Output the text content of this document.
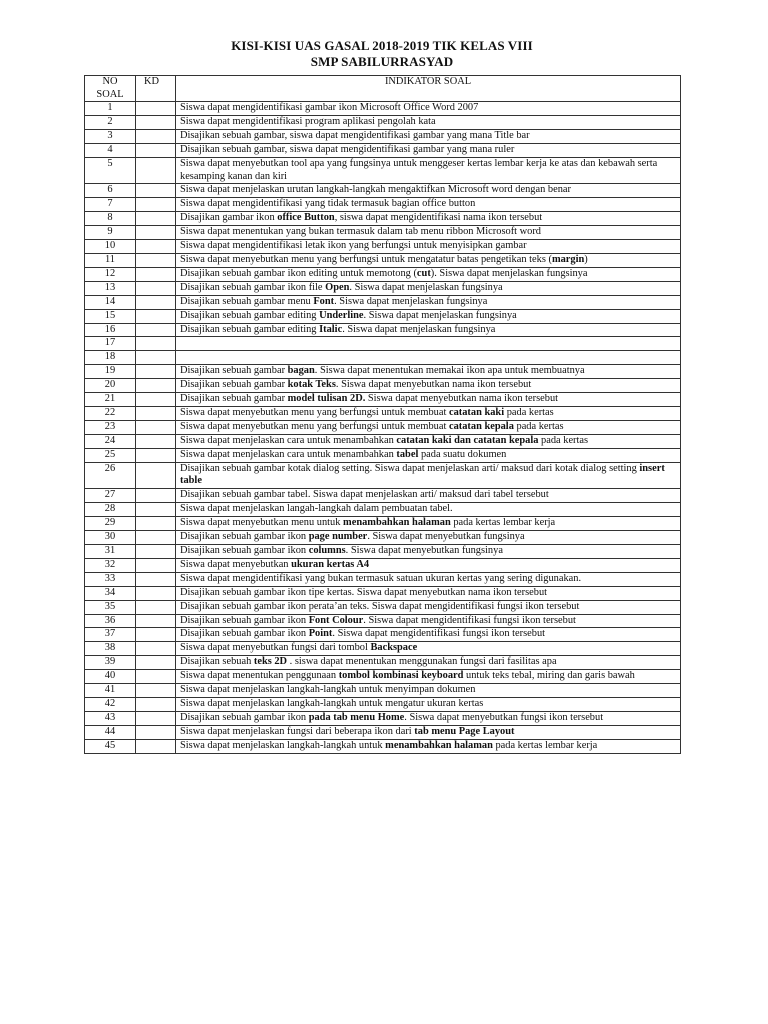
KISI-KISI UAS GASAL 2018-2019 TIK KELAS VIII
SMP SABILURRASYAD
NO
SOAL	KD	INDIKATOR SOAL
1		Siswa dapat mengidentifikasi gambar ikon Microsoft Office Word 2007
2		Siswa dapat mengidentifikasi program aplikasi pengolah kata
3		Disajikan sebuah gambar, siswa dapat mengidentifikasi gambar yang mana Title bar
4		Disajikan sebuah gambar, siswa dapat mengidentifikasi gambar yang mana ruler
5		Siswa dapat menyebutkan tool apa yang fungsinya untuk menggeser kertas lembar kerja ke atas dan kebawah serta kesamping kanan dan kiri
6		Siswa dapat menjelaskan urutan langkah-langkah mengaktifkan Microsoft word dengan benar
7		Siswa dapat mengidentifikasi yang tidak termasuk bagian office button
8		Disajikan gambar ikon office Button, siswa dapat mengidentifikasi nama ikon tersebut
9		Siswa dapat menentukan yang bukan termasuk dalam tab menu ribbon Microsoft word
10		Siswa dapat mengidentifikasi letak ikon yang berfungsi untuk menyisipkan gambar
11		Siswa dapat menyebutkan menu yang berfungsi untuk mengatatur batas pengetikan teks (margin)
12		Disajikan sebuah gambar ikon editing untuk memotong (cut). Siswa dapat menjelaskan fungsinya
13		Disajikan sebuah gambar ikon file Open. Siswa dapat menjelaskan fungsinya
14		Disajikan sebuah gambar menu Font. Siswa dapat menjelaskan fungsinya
15		Disajikan sebuah gambar editing Underline. Siswa dapat menjelaskan fungsinya
16		Disajikan sebuah gambar editing Italic. Siswa dapat menjelaskan fungsinya
17		
18		
19		Disajikan sebuah gambar bagan. Siswa dapat menentukan memakai ikon apa untuk membuatnya
20		Disajikan sebuah gambar kotak Teks. Siswa dapat menyebutkan nama ikon tersebut
21		Disajikan sebuah gambar model tulisan 2D. Siswa dapat menyebutkan nama ikon tersebut
22		Siswa dapat menyebutkan menu yang berfungsi untuk membuat catatan kaki pada kertas
23		Siswa dapat menyebutkan menu yang berfungsi untuk membuat catatan kepala pada kertas
24		Siswa dapat menjelaskan cara untuk menambahkan catatan kaki dan catatan kepala pada kertas
25		Siswa dapat menjelaskan cara untuk menambahkan tabel pada suatu dokumen
26		Disajikan sebuah gambar kotak dialog setting. Siswa dapat menjelaskan arti/ maksud dari kotak dialog setting insert table
27		Disajikan sebuah gambar tabel. Siswa dapat menjelaskan arti/ maksud dari tabel tersebut
28		Siswa dapat menjelaskan langah-langkah dalam pembuatan tabel.
29		Siswa dapat menyebutkan menu untuk menambahkan halaman pada kertas lembar kerja
30		Disajikan sebuah gambar ikon page number. Siswa dapat menyebutkan fungsinya
31		Disajikan sebuah gambar ikon columns. Siswa dapat menyebutkan fungsinya
32		Siswa dapat menyebutkan ukuran kertas A4
33		Siswa dapat mengidentifikasi yang bukan termasuk satuan ukuran kertas yang sering digunakan.
34		Disajikan sebuah gambar ikon tipe kertas. Siswa dapat menyebutkan nama ikon tersebut
35		Disajikan sebuah gambar ikon perata’an teks. Siswa dapat mengidentifikasi fungsi ikon tersebut
36		Disajikan sebuah gambar ikon Font Colour. Siswa dapat mengidentifikasi fungsi ikon tersebut
37		Disajikan sebuah gambar ikon Point. Siswa dapat mengidentifikasi fungsi ikon tersebut
38		Siswa dapat menyebutkan fungsi dari tombol Backspace
39		Disajikan sebuah teks 2D . siswa dapat menentukan menggunakan fungsi dari fasilitas apa
40		Siswa dapat menentukan penggunaan tombol kombinasi keyboard untuk teks tebal, miring dan garis bawah
41		Siswa dapat menjelaskan langkah-langkah untuk menyimpan dokumen
42		Siswa dapat menjelaskan langkah-langkah untuk mengatur ukuran kertas
43		Disajikan sebuah gambar ikon pada tab menu Home. Siswa dapat menyebutkan fungsi ikon tersebut
44		Siswa dapat menjelaskan fungsi dari beberapa ikon dari tab menu Page Layout
45		Siswa dapat menjelaskan langkah-langkah untuk menambahkan halaman pada kertas lembar kerja
